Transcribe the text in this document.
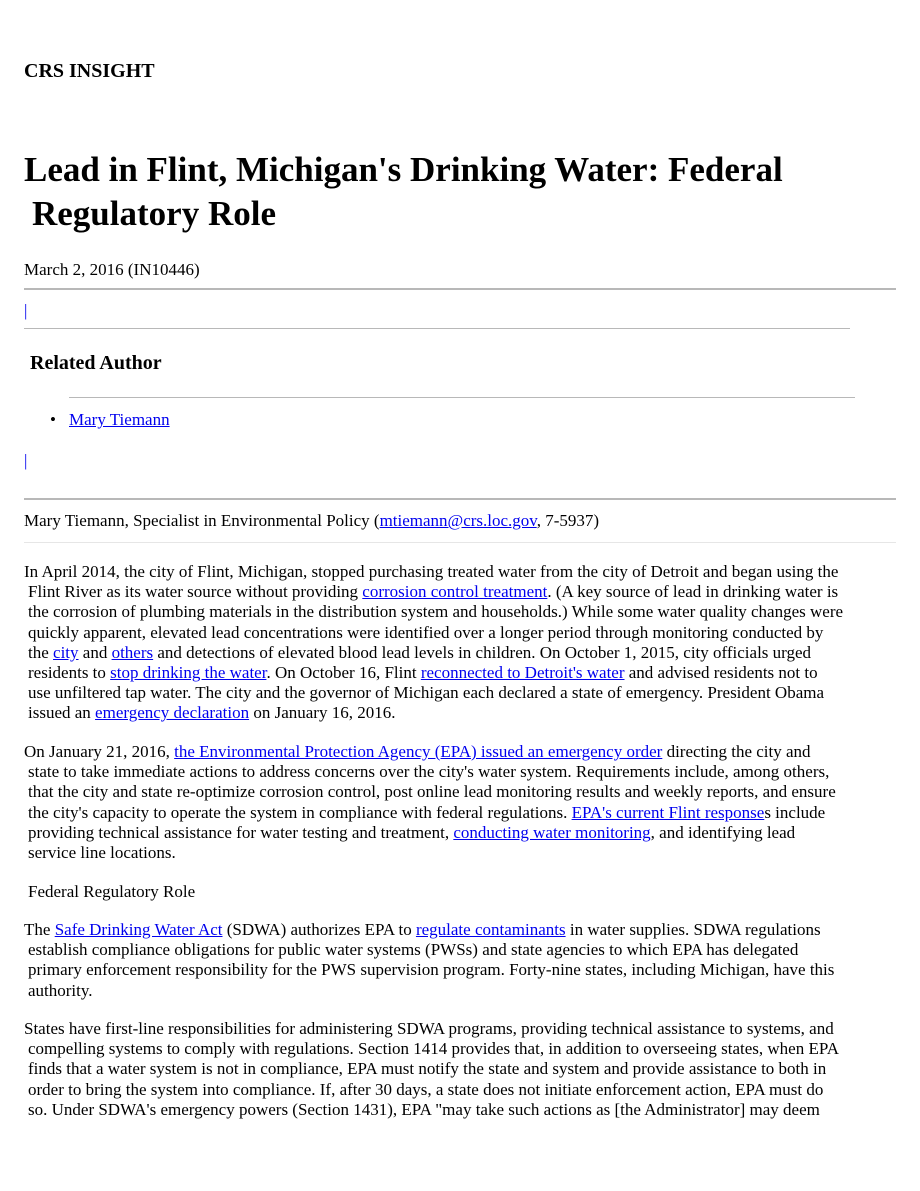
CRS INSIGHT
Lead in Flint, Michigan's Drinking Water: Federal
Regulatory Role
March 2, 2016 (IN10446)
|
Related Author
• Mary Tiemann
|
Mary Tiemann, Specialist in Environmental Policy (mtiemann@crs.loc.gov, 7-5937)
In April 2014, the city of Flint, Michigan, stopped purchasing treated water from the city of Detroit and began using the
Flint River as its water source without providing corrosion control treatment. (A key source of lead in drinking water is
the corrosion of plumbing materials in the distribution system and households.) While some water quality changes were
quickly apparent, elevated lead concentrations were identified over a longer period through monitoring conducted by
the city and others and detections of elevated blood lead levels in children. On October 1, 2015, city officials urged
residents to stop drinking the water. On October 16, Flint reconnected to Detroit's water and advised residents not to
use unfiltered tap water. The city and the governor of Michigan each declared a state of emergency. President Obama
issued an emergency declaration on January 16, 2016.
On January 21, 2016, the Environmental Protection Agency (EPA) issued an emergency order directing the city and
state to take immediate actions to address concerns over the city's water system. Requirements include, among others,
that the city and state re-optimize corrosion control, post online lead monitoring results and weekly reports, and ensure
the city's capacity to operate the system in compliance with federal regulations. EPA's current Flint responses include
providing technical assistance for water testing and treatment, conducting water monitoring, and identifying lead
service line locations.
Federal Regulatory Role
The Safe Drinking Water Act (SDWA) authorizes EPA to regulate contaminants in water supplies. SDWA regulations
establish compliance obligations for public water systems (PWSs) and state agencies to which EPA has delegated
primary enforcement responsibility for the PWS supervision program. Forty-nine states, including Michigan, have this
authority.
States have first-line responsibilities for administering SDWA programs, providing technical assistance to systems, and
compelling systems to comply with regulations. Section 1414 provides that, in addition to overseeing states, when EPA
finds that a water system is not in compliance, EPA must notify the state and system and provide assistance to both in
order to bring the system into compliance. If, after 30 days, a state does not initiate enforcement action, EPA must do
so. Under SDWA's emergency powers (Section 1431), EPA "may take such actions as [the Administrator] may deem
